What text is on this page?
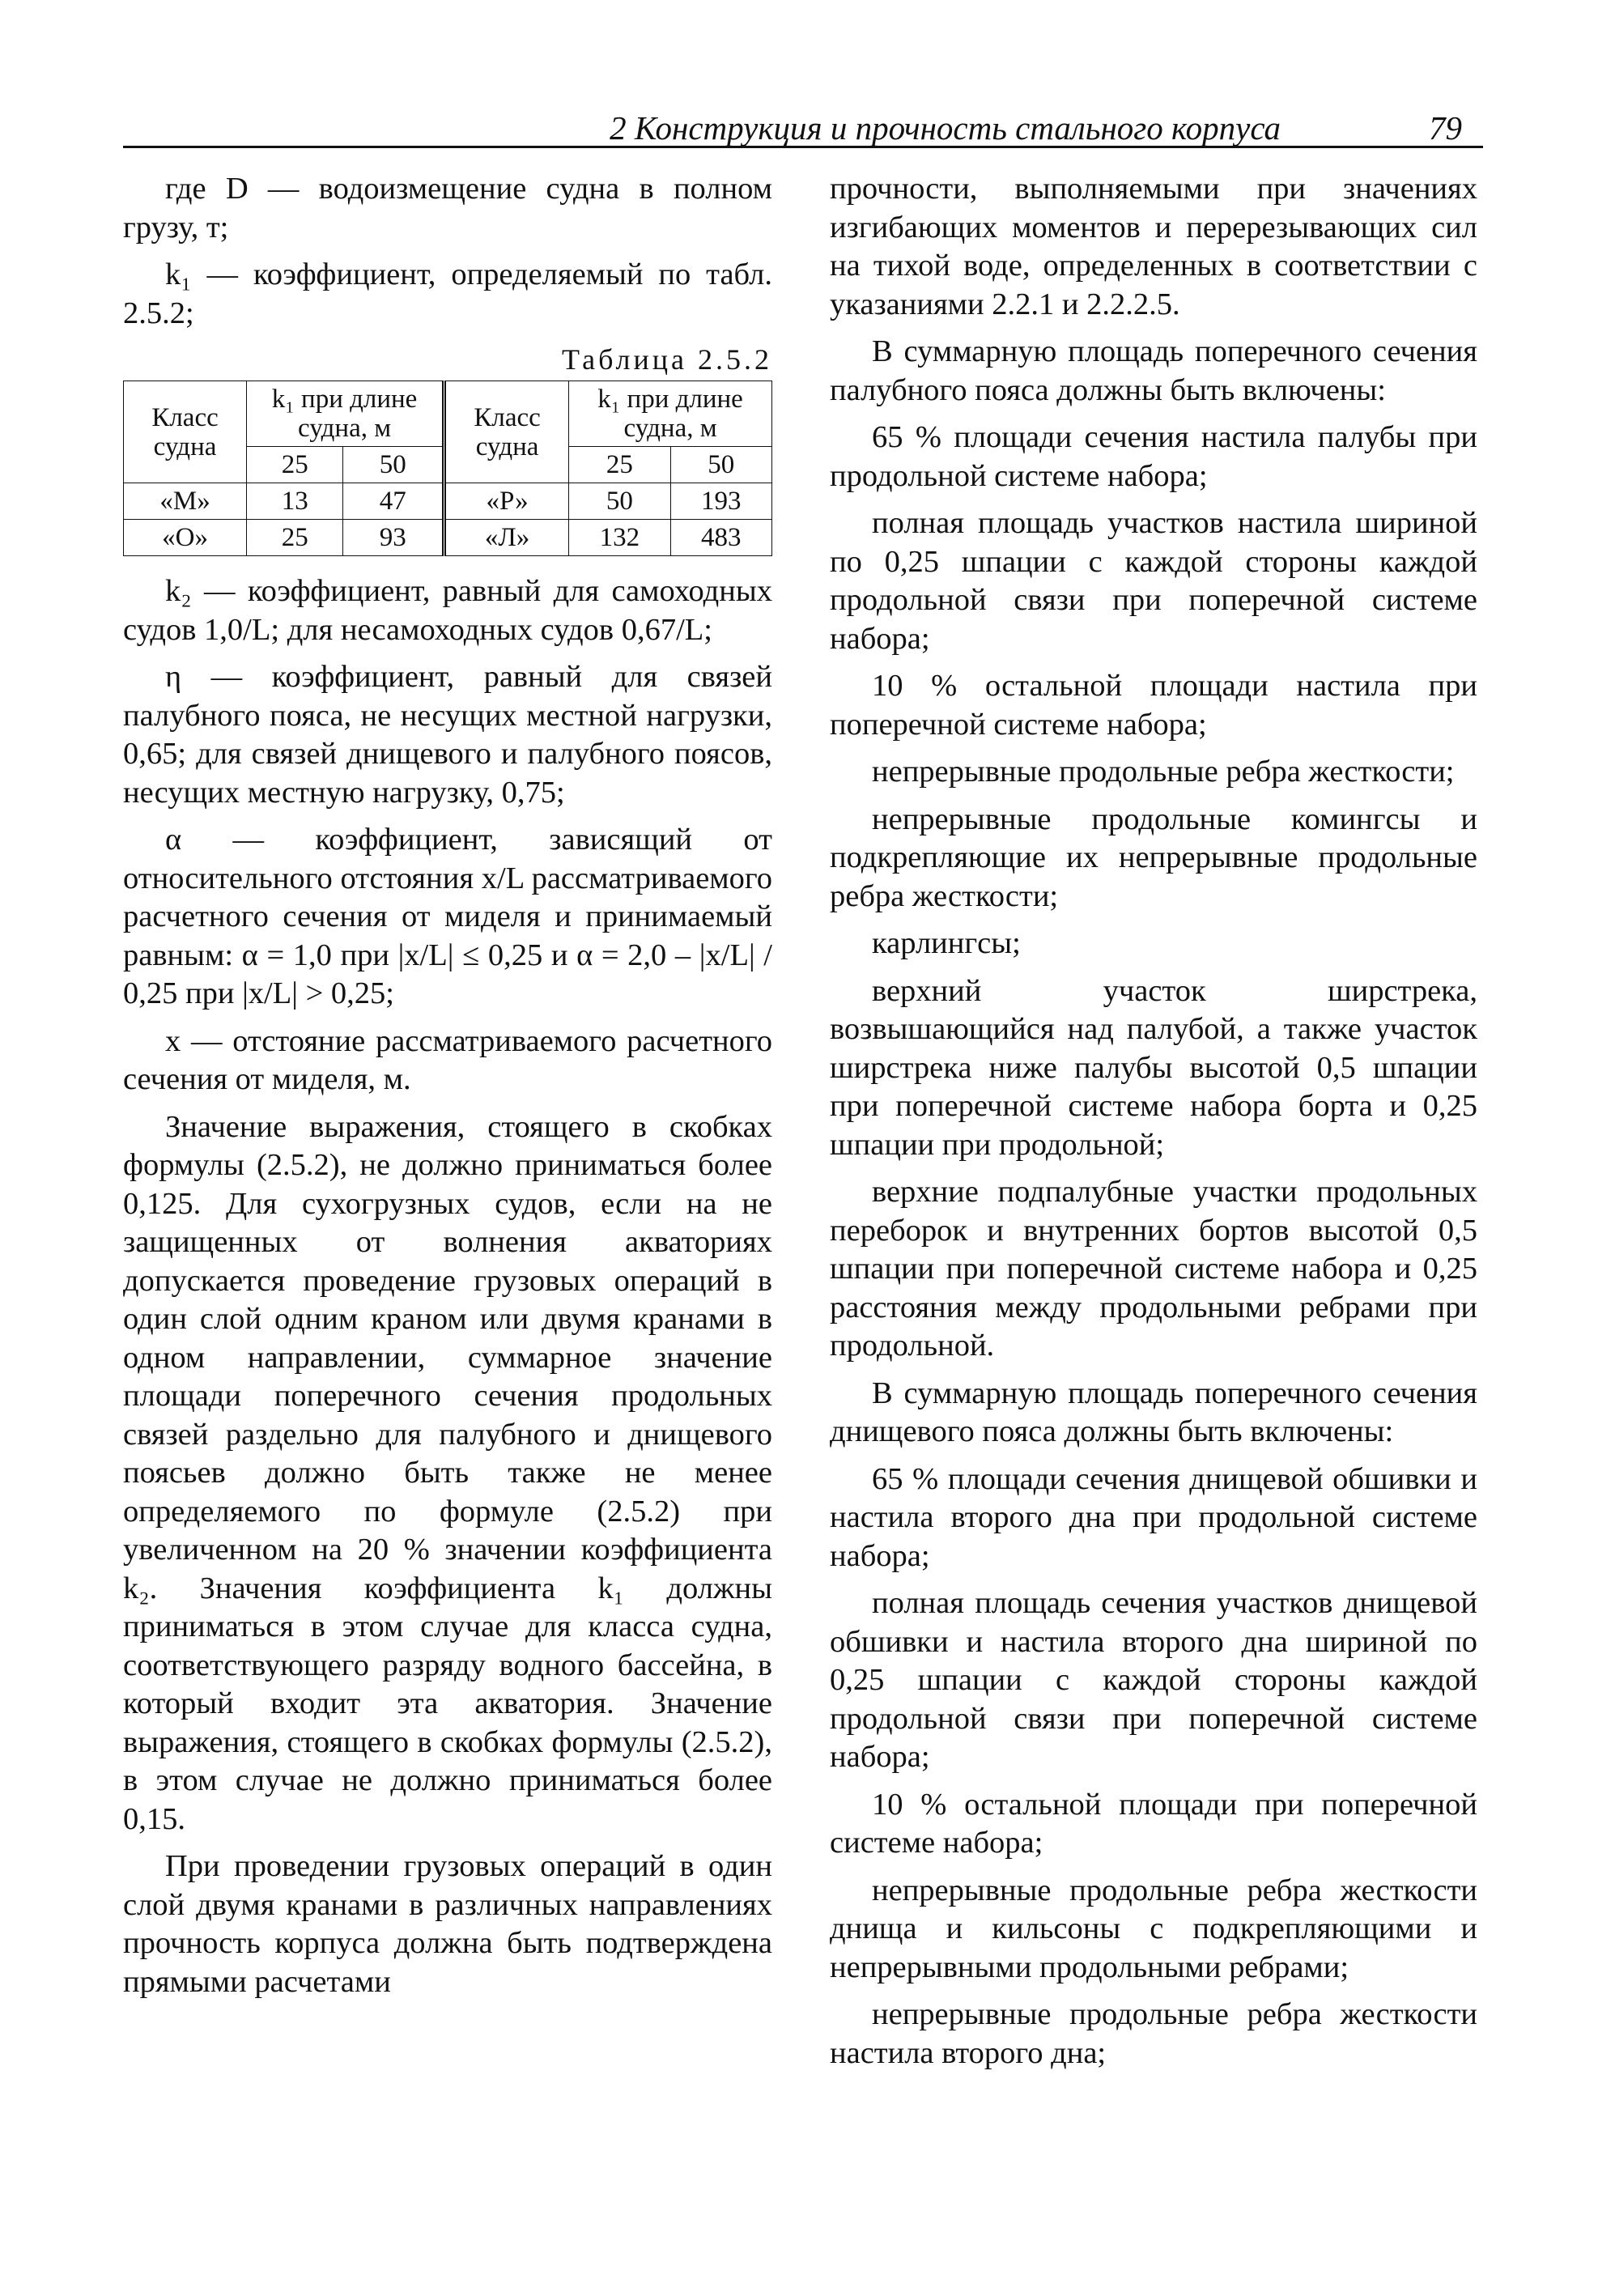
2 Конструкция и прочность стального корпуса	79

где D — водоизмещение судна в полном грузу, т;

k₁ — коэффициент, определяемый по табл. 2.5.2;

Таблица 2.5.2
Класс судна	k₁ при длине судна, м		Класс судна	k₁ при длине судна, м	
	25	50		25	50
«М»	13	47	«Р»	50	193
«О»	25	93	«Л»	132	483

k₂ — коэффициент, равный для самоходных судов 1,0/L; для несамоходных судов 0,67/L;

η — коэффициент, равный для связей палубного пояса, не несущих местной нагрузки, 0,65; для связей днищевого и палубного поясов, несущих местную нагрузку, 0,75;

α — коэффициент, зависящий от относительного отстояния x/L рассматриваемого расчетного сечения от миделя и принимаемый равным: α = 1,0 при |x/L| ≤ 0,25 и α = 2,0 – |x/L| / 0,25 при |x/L| > 0,25;

x — отстояние рассматриваемого расчетного сечения от миделя, м.

Значение выражения, стоящего в скобках формулы (2.5.2), не должно приниматься более 0,125. Для сухогрузных судов, если на не защищенных от волнения акваториях допускается проведение грузовых операций в один слой одним краном или двумя кранами в одном направлении, суммарное значение площади поперечного сечения продольных связей раздельно для палубного и днищевого поясьев должно быть также не менее определяемого по формуле (2.5.2) при увеличенном на 20 % значении коэффициента k₂. Значения коэффициента k₁ должны приниматься в этом случае для класса судна, соответствующего разряду водного бассейна, в который входит эта акватория. Значение выражения, стоящего в скобках формулы (2.5.2), в этом случае не должно приниматься более 0,15.

При проведении грузовых операций в один слой двумя кранами в различных направлениях прочность корпуса должна быть подтверждена прямыми расчетами

прочности, выполняемыми при значениях изгибающих моментов и перерезывающих сил на тихой воде, определенных в соответствии с указаниями 2.2.1 и 2.2.2.5.

В суммарную площадь поперечного сечения палубного пояса должны быть включены:

65 % площади сечения настила палубы при продольной системе набора;

полная площадь участков настила шириной по 0,25 шпации с каждой стороны каждой продольной связи при поперечной системе набора;

10 % остальной площади настила при поперечной системе набора;

непрерывные продольные ребра жесткости;

непрерывные продольные комингсы и подкрепляющие их непрерывные продольные ребра жесткости;

карлингсы;

верхний участок ширстрека, возвышающийся над палубой, а также участок ширстрека ниже палубы высотой 0,5 шпации при поперечной системе набора борта и 0,25 шпации при продольной;

верхние подпалубные участки продольных переборок и внутренних бортов высотой 0,5 шпации при поперечной системе набора и 0,25 расстояния между продольными ребрами при продольной.

В суммарную площадь поперечного сечения днищевого пояса должны быть включены:

65 % площади сечения днищевой обшивки и настила второго дна при продольной системе набора;

полная площадь сечения участков днищевой обшивки и настила второго дна шириной по 0,25 шпации с каждой стороны каждой продольной связи при поперечной системе набора;

10 % остальной площади при поперечной системе набора;

непрерывные продольные ребра жесткости днища и кильсоны с подкрепляющими и непрерывными продольными ребрами;

непрерывные продольные ребра жесткости настила второго дна;
